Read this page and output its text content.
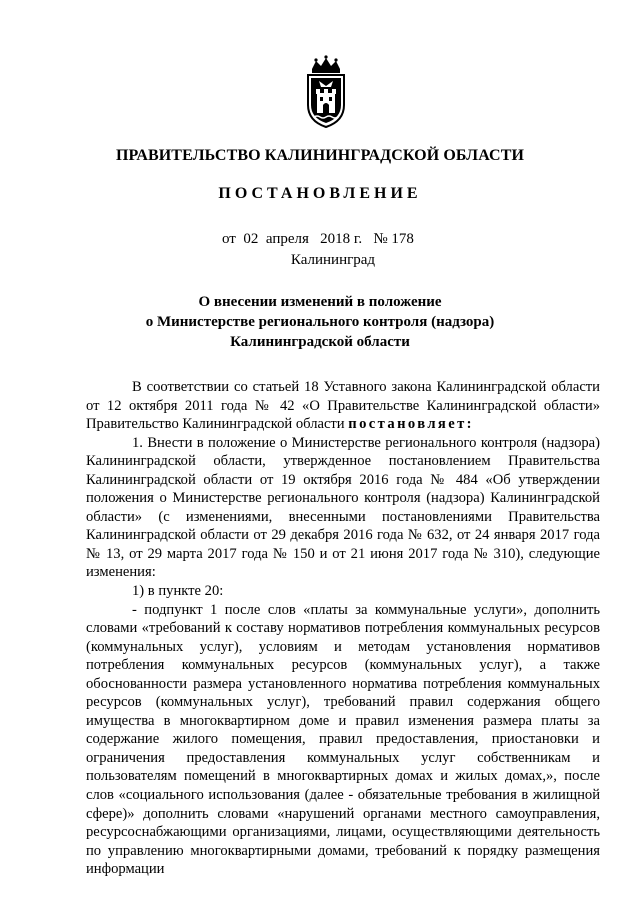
ПРАВИТЕЛЬСТВО КАЛИНИНГРАДСКОЙ ОБЛАСТИ
ПОСТАНОВЛЕНИЕ
от  02  апреля   2018 г.   № 178
Калининград
О внесении изменений в положение
о Министерстве регионального контроля (надзора)
Калининградской области

В соответствии со статьей 18 Уставного закона Калининградской области от 12 октября 2011 года № 42 «О Правительстве Калининградской области» Правительство Калининградской области постановляет:

1. Внести в положение о Министерстве регионального контроля (надзора) Калининградской области, утвержденное постановлением Правительства Калининградской области от 19 октября 2016 года № 484 «Об утверждении положения о Министерстве регионального контроля (надзора) Калининградской области» (с изменениями, внесенными постановлениями Правительства Калининградской области от 29 декабря 2016 года № 632, от 24 января 2017 года № 13, от 29 марта 2017 года № 150 и от 21 июня 2017 года № 310), следующие изменения:

1) в пункте 20:

- подпункт 1 после слов «платы за коммунальные услуги», дополнить словами «требований к составу нормативов потребления коммунальных ресурсов (коммунальных услуг), условиям и методам установления нормативов потребления коммунальных ресурсов (коммунальных услуг), а также обоснованности размера установленного норматива потребления коммунальных ресурсов (коммунальных услуг), требований правил содержания общего имущества в многоквартирном доме и правил изменения размера платы за содержание жилого помещения, правил предоставления, приостановки и ограничения предоставления коммунальных услуг собственникам и пользователям помещений в многоквартирных домах и жилых домах,», после слов «социального использования (далее - обязательные требования в жилищной сфере)» дополнить словами «нарушений органами местного самоуправления, ресурсоснабжающими организациями, лицами, осуществляющими деятельность по управлению многоквартирными домами, требований к порядку размещения информации
